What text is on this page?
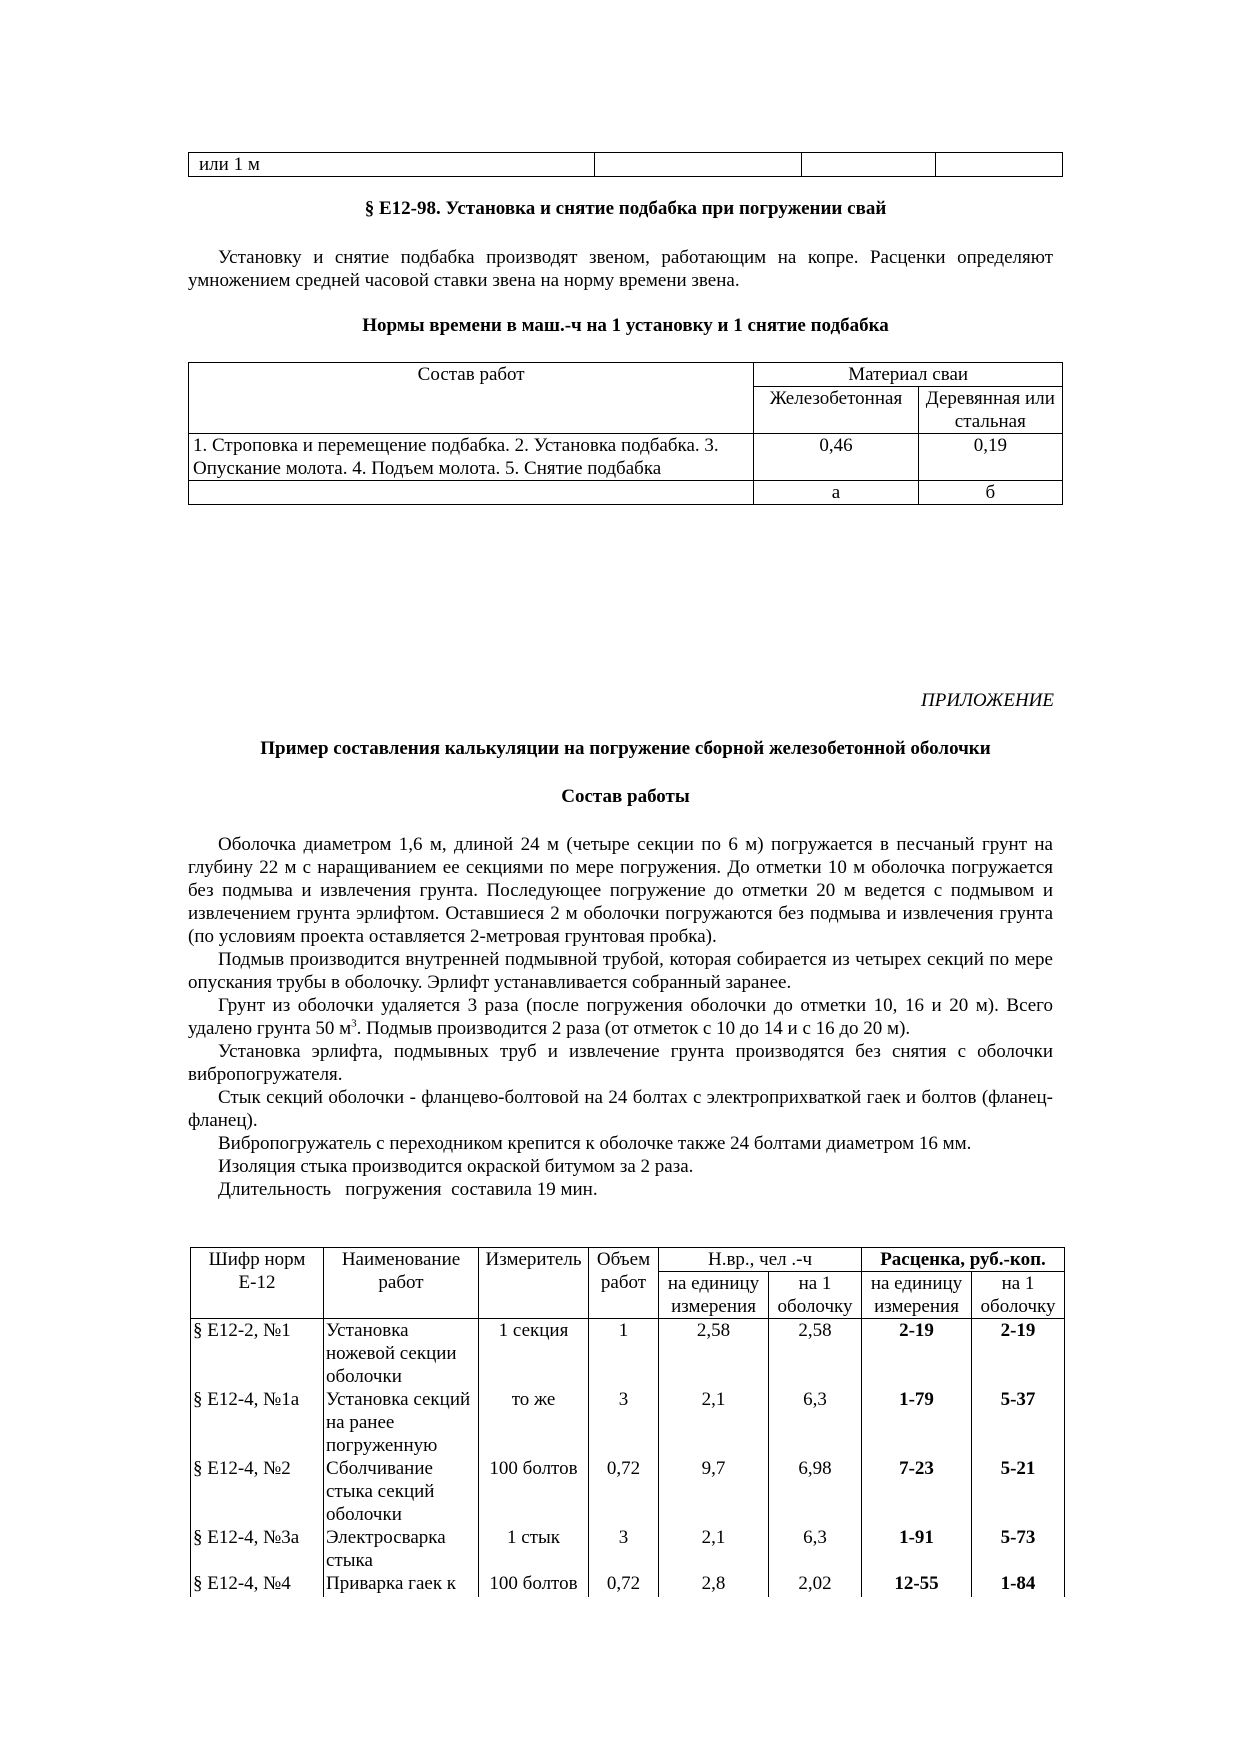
или 1 м			
§ Е12-98. Установка и снятие подбабка при погружении свай

Установку и снятие подбабка производят звеном, работающим на копре. Расценки определяют умножением средней часовой ставки звена на норму времени звена.

Нормы времени в маш.-ч на 1 установку и 1 снятие подбабка
Состав работ	Материал сваи	
	Железобетонная	Деревянная или стальная
1. Строповка и перемещение подбабка. 2. Установка подбабка. 3. Опускание молота. 4. Подъем молота. 5. Снятие подбабка	0,46	0,19
	а	б
ПРИЛОЖЕНИЕ
Пример составления калькуляции на погружение сборной железобетонной оболочки
Состав работы

Оболочка диаметром 1,6 м, длиной 24 м (четыре секции по 6 м) погружается в песчаный грунт на глубину 22 м с наращиванием ее секциями по мере погружения. До отметки 10 м оболочка погружается без подмыва и извлечения грунта. Последующее погружение до отметки 20 м ведется с подмывом и извлечением грунта эрлифтом. Оставшиеся 2 м оболочки погружаются без подмыва и извлечения грунта (по условиям проекта оставляется 2-метровая грунтовая пробка).

Подмыв производится внутренней подмывной трубой, которая собирается из четырех секций по мере опускания трубы в оболочку. Эрлифт устанавливается собранный заранее.

Грунт из оболочки удаляется 3 раза (после погружения оболочки до отметки 10, 16 и 20 м). Всего удалено грунта 50 $м^3$. Подмыв производится 2 раза (от отметок с 10 до 14 и с 16 до 20 м).

Установка эрлифта, подмывных труб и извлечение грунта производятся без снятия с оболочки вибропогружателя.

Стык секций оболочки - фланцево-болтовой на 24 болтах с электроприхваткой гаек и болтов (фланец-фланец).

Вибропогружатель с переходником крепится к оболочке также 24 болтами диаметром 16 мм.

Изоляция стыка производится окраской битумом за 2 раза.

Длительность   погружения  составила 19 мин.

Шифр норм Е-12	Наименование работ	Измеритель	Объем работ	Н.вр., чел .-ч		Расценка, руб.-коп.	
				на единицу измерения	на 1 оболочку	на единицу измерения	на 1 оболочку
§ Е12-2, №1	Установка ножевой секции оболочки	1 секция	1	2,58	2,58	2-19	2-19
§ Е12-4, №1а	Установка секций на ранее погруженную	то же	3	2,1	6,3	1-79	5-37
§ Е12-4, №2	Сболчивание стыка секций оболочки	100 болтов	0,72	9,7	6,98	7-23	5-21
§ Е12-4, №3а	Электросварка стыка	1 стык	3	2,1	6,3	1-91	5-73
§ Е12-4, №4	Приварка гаек к	100 болтов	0,72	2,8	2,02	12-55	1-84
